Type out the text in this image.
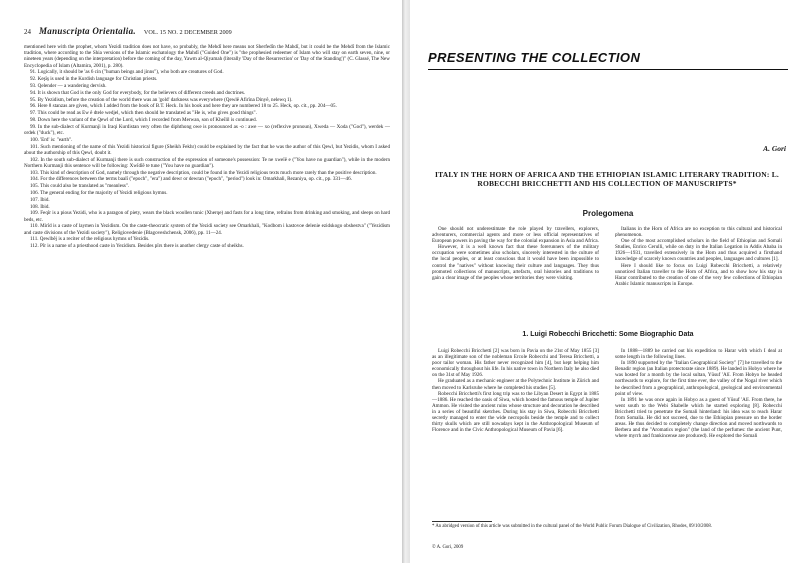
24 Manuscripta Orientalia. VOL. 15 NO. 2 DECEMBER 2009

mentioned here with the prophet, whom Yezidi tradition does not have, so probably, the Mehdî here means not Sherfedîn the Mahdî, but it could be the Mehdî from the Islamic tradition, where according to the Shia versions of the Islamic eschatology the Mahdî ("Guided One") is "the prophesied redeemer of Islam who will stay on earth seven, nine, or nineteen years (depending on the interpretation) before the coming of the day, Yawm al-Qiyamah (literally 'Day of the Resurrection' or 'Day of the Standing')" (C. Glassé, The New Encyclopedia of Islam (Altamira, 2001), p. 280).

91. Logically, it should be 'as 6 cin ("human beings and jinns"), who both are creatures of God.

92. Keşîş is used in the Kurdish language for Christian priests.

93. Qelender — a wandering dervish.

94. It is shown that God is the only God for everybody, for the believers of different creeds and doctrines.

95. By Yezidism, before the creation of the world there was an 'gold' darkness was everywhere (Qewlê Afirîna Dinyê, nelewq 1).

96. Here 8 stanzas are given, which I added from the book of B.T. Heck. In his book and here they are numbered 18 to 25. Heck, op. cit., pp. 204—05.

97. This could be read as Ew ê dtele wedjel, which then should be translated as "He is, who gives good things".

98. Down here the variant of the Qewl of the Lord, which I recorded from Merwan, son of Kheîlil is continued.

99. In the sub-dialect of Kurmanji in Iraqi Kurdistan very often the diphthong owe is pronounced as -o : awe — xo (reflexive pronoun), Xweda — Xoda ("God"), werdek — ordek ("duck"), etc.

100. 'Erd' is: "earth".

101. Such mentioning of the name of this Yezidi historical figure (Sheikh Fekhr) could be explained by the fact that he was the author of this Qewl, but Yezidis, whom I asked about the authorship of this Qewl, doubt it.

102. In the south sub-dialect of Kurmanji there is such construction of the expression of someone's possession: Te ne xweîê e ("You have no guardian"), while in the modern Northern Kurmanji this sentence will be following: Xwîdîê te tune ("You have no guardian").

103. This kind of description of God, namely through the negative description, could be found in the Yezidi religious texts much more rarely than the positive description.

104. For the differences between the terms baalî ("epoch", "era") and dewr or dewran ("epoch", "period") look in: Omarkhali, Rezaniya, op. cit., pp. 331—46.

105. This could also be translated as "meanless".

106. The general ending for the majority of Yezidi religious hymns.

107. Ibid.

108. Ibid.

109. Feqîr is a pious Yezidi, who is a paragon of piety, wears the black woollen tunic (Xherqe) and fasts for a long time, refrains from drinking and smoking, and sleeps on hard beds, etc.

110. Mirîd is a caste of laymen in Yezidism. On the caste-theocratic system of the Yezidi society see Omarkhali, "Kodbom i kastovoe delenie ezidskogo obshestva" ("Yezidism and caste divisions of the Yezidi society"), Religiovedenie (Blagoveshchensk, 2006), pp. 11—24.

111. Qewlbêj is a reciter of the religious hymns of Yezidis.

112. Pîr is a name of a priesthood caste in Yezidism. Besides pîrs there is another clergy caste of sheikhs.

PRESENTING THE COLLECTION
A. Gori
ITALY IN THE HORN OF AFRICA AND THE ETHIOPIAN ISLAMIC LITERARY TRADITION: L. ROBECCHI BRICCHETTI AND HIS COLLECTION OF MANUSCRIPTS*
Prolegomena

One should not underestimate the role played by travellers, explorers, adventurers, commercial agents and more or less official representatives of European powers in paving the way for the colonial expansion in Asia and Africa.

However, it is a well known fact that these forerunners of the military occupation were sometimes also scholars, sincerely interested in the culture of the local peoples, or at least conscious that it would have been impossible to control the "natives" without knowing their culture and languages. They thus promoted collections of manuscripts, artefacts, oral histories and traditions to gain a clear image of the peoples whose territories they were visiting.

Italians in the Horn of Africa are no exception to this cultural and historical phenomenon.

One of the most accomplished scholars in the field of Ethiopian and Somali Studies, Enrico Cerulli, while on duty in the Italian Legation in Addis Ababa in 1926—1931, travelled extensively in the Horn and thus acquired a firsthand knowledge of scarcely known countries and peoples, languages and cultures [1].

Here I should like to focus on Luigi Robecchi Bricchetti, a relatively unnoticed Italian traveller to the Horn of Africa, and to show how his stay in Harar contributed to the creation of one of the very few collections of Ethiopian Arabic Islamic manuscripts in Europe.

1. Luigi Robecchi Bricchetti: Some Biographic Data

Luigi Robecchi Bricchetti [2] was born in Pavia on the 21st of May 1855 [3] as an illegitimate son of the nobleman Ercole Robecchi and Teresa Bricchetti, a poor tailor woman. His father never recognized him [4], but kept helping him economically throughout his life. In his native town in Northern Italy he also died on the 31st of May 1926.

He graduated as a mechanic engineer at the Polytechnic Institute in Zürich and then moved to Karlsruhe where he completed his studies [5].

Robecchi Bricchetti's first long trip was to the Libyan Desert in Egypt in 1885—1886. He reached the oasis of Siwa, which hosted the famous temple of Jupiter Ammon. He visited the ancient ruins whose structure and decoration he described in a series of beautiful sketches. During his stay in Siwa, Robecchi Bricchetti secretly managed to enter the wide necropolis beside the temple and to collect thirty skulls which are still nowadays kept in the Anthropological Museum of Florence and in the Civic Anthropological Museum of Pavia [6].

In 1888—1889 he carried out his expedition to Harar with which I deal at some length in the following lines.

In 1890 supported by the "Italian Geographical Society" [7] he travelled to the Benadir region (an Italian protectorate since 1889). He landed in Hobyo where he was hosted for a month by the local sultan, Yūsuf 'Alī. From Hobyo he headed northwards to explore, for the first time ever, the valley of the Nogal river which he described from a geographical, anthropological, geological and environmental point of view.

In 1891 he was once again in Hobyo as a guest of Yūsuf 'Alī. From there, he went south to the Webi Shabelle which he started exploring [8]. Robecchi Bricchetti tried to penetrate the Somali hinterland: his idea was to reach Harar from Somalia. He did not succeed, due to the Ethiopian pressure on the border areas. He thus decided to completely change direction and moved northwards to Berbera and the "Aromatics region" (the land of the perfumes: the ancient Punt, where myrrh and frankincense are produced). He explored the Somali

* An abridged version of this article was submitted in the cultural panel of the World Public Forum Dialogue of Civilization, Rhodes, 09/10/2008.
© A. Gori, 2009
